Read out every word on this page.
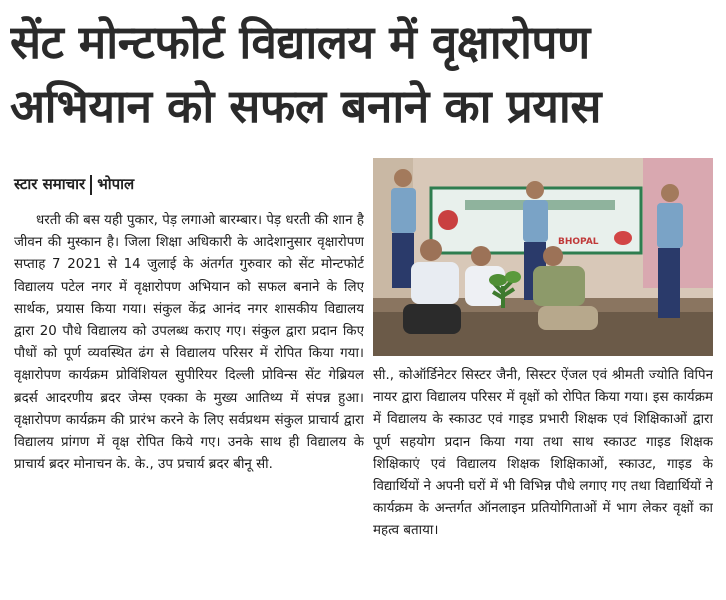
सेंट मोन्टफोर्ट विद्यालय में वृक्षारोपण
अभियान को सफल बनाने का प्रयास
स्टार समाचार भोपाल

धरती की बस यही पुकार, पेड़ लगाओ बारम्बार। पेड़ धरती की शान है जीवन की मुस्कान है। जिला शिक्षा अधिकारी के आदेशानुसार वृक्षारोपण सप्ताह 7 2021 से 14 जुलाई के अंतर्गत गुरुवार को सेंट मोन्टफोर्ट विद्यालय पटेल नगर में वृक्षारोपण अभियान को सफल बनाने के लिए सार्थक, प्रयास किया गया। संकुल केंद्र आनंद नगर शासकीय विद्यालय द्वारा 20 पौधे विद्यालय को उपलब्ध कराए गए। संकुल द्वारा प्रदान किए पौधों को पूर्ण व्यवस्थित ढंग से विद्यालय परिसर में रोपित किया गया। वृक्षारोपण कार्यक्रम प्रोविंशियल सुपीरियर दिल्ली प्रोविन्स सेंट गेब्रियल ब्रदर्स आदरणीय ब्रदर जेम्स एक्का के मुख्य आतिथ्य में संपन्न हुआ। वृक्षारोपण कार्यक्रम की प्रारंभ करने के लिए सर्वप्रथम संकुल प्राचार्य द्वारा विद्यालय प्रांगण में वृक्ष रोपित किये गए। उनके साथ ही विद्यालय के प्राचार्य ब्रदर मोनाचन के. के., उप प्रचार्य ब्रदर बीनू सी.

BHOPAL

सी., कोऑर्डिनेटर सिस्टर जैनी, सिस्टर ऐंजल एवं श्रीमती ज्योति विपिन नायर द्वारा विद्यालय परिसर में वृक्षों को रोपित किया गया। इस कार्यक्रम में विद्यालय के स्काउट एवं गाइड प्रभारी शिक्षक एवं शिक्षिकाओं द्वारा पूर्ण सहयोग प्रदान किया गया तथा साथ स्काउट गाइड शिक्षक शिक्षिकाएं एवं विद्यालय शिक्षक शिक्षिकाओं, स्काउट, गाइड के विद्यार्थियों ने अपनी घरों में भी विभिन्न पौधे लगाए गए तथा विद्यार्थियों ने कार्यक्रम के अन्तर्गत ऑनलाइन प्रतियोगिताओं में भाग लेकर वृक्षों का महत्व बताया।
